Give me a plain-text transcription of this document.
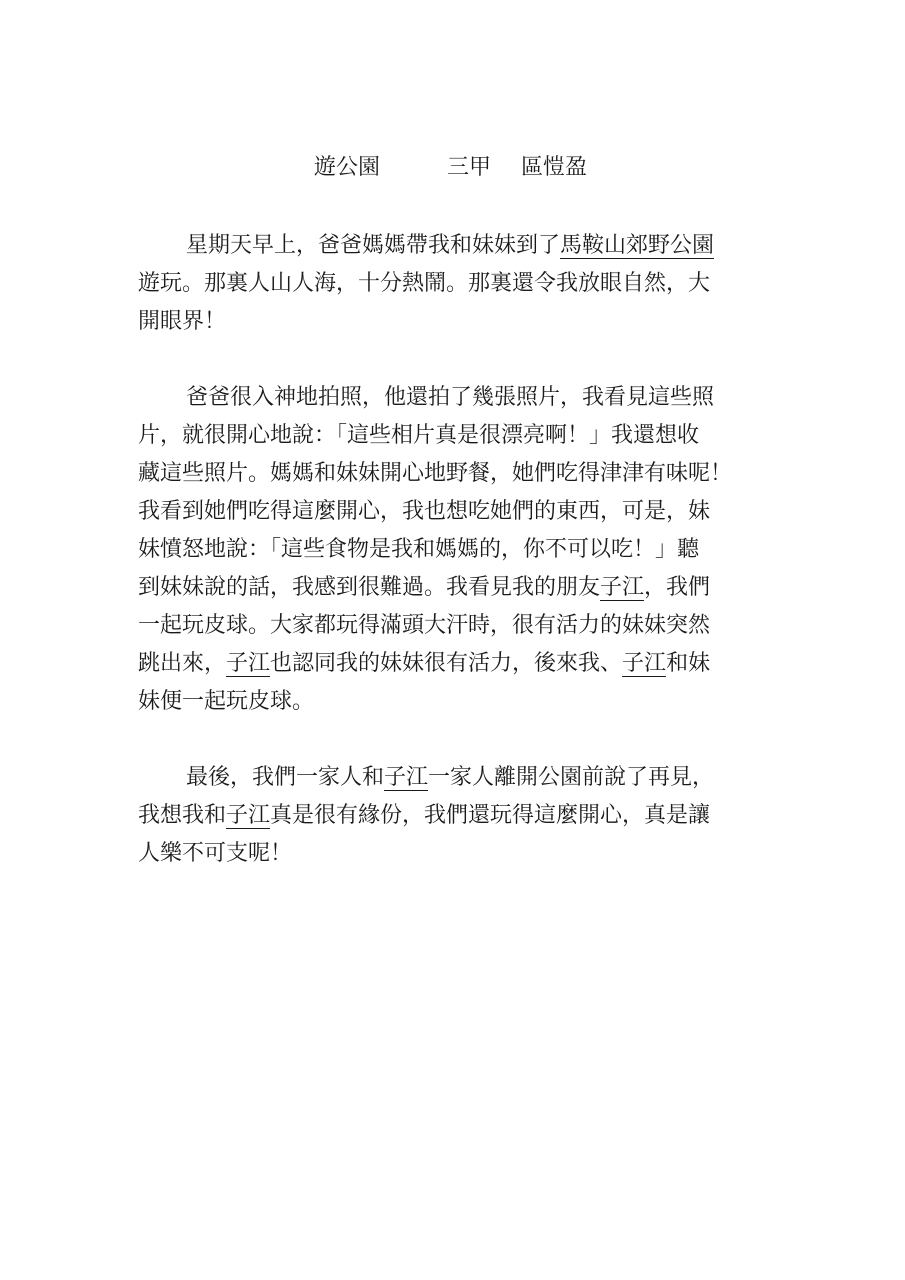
遊公園	三甲 區愷盈
星期天早上，爸爸媽媽帶我和妹妹到了馬鞍山郊野公園
遊玩。那裏人山人海，十分熱鬧。那裏還令我放眼自然，大
開眼界！
爸爸很入神地拍照，他還拍了幾張照片，我看見這些照
片，就很開心地說：「這些相片真是很漂亮啊！」我還想收
藏這些照片。媽媽和妹妹開心地野餐，她們吃得津津有味呢！
我看到她們吃得這麼開心，我也想吃她們的東西，可是，妹
妹憤怒地說：「這些食物是我和媽媽的，你不可以吃！」聽
到妹妹說的話，我感到很難過。我看見我的朋友子江，我們
一起玩皮球。大家都玩得滿頭大汗時，很有活力的妹妹突然
跳出來，子江也認同我的妹妹很有活力，後來我、子江和妹
妹便一起玩皮球。
最後，我們一家人和子江一家人離開公園前說了再見，
我想我和子江真是很有緣份，我們還玩得這麼開心，真是讓
人樂不可支呢！
